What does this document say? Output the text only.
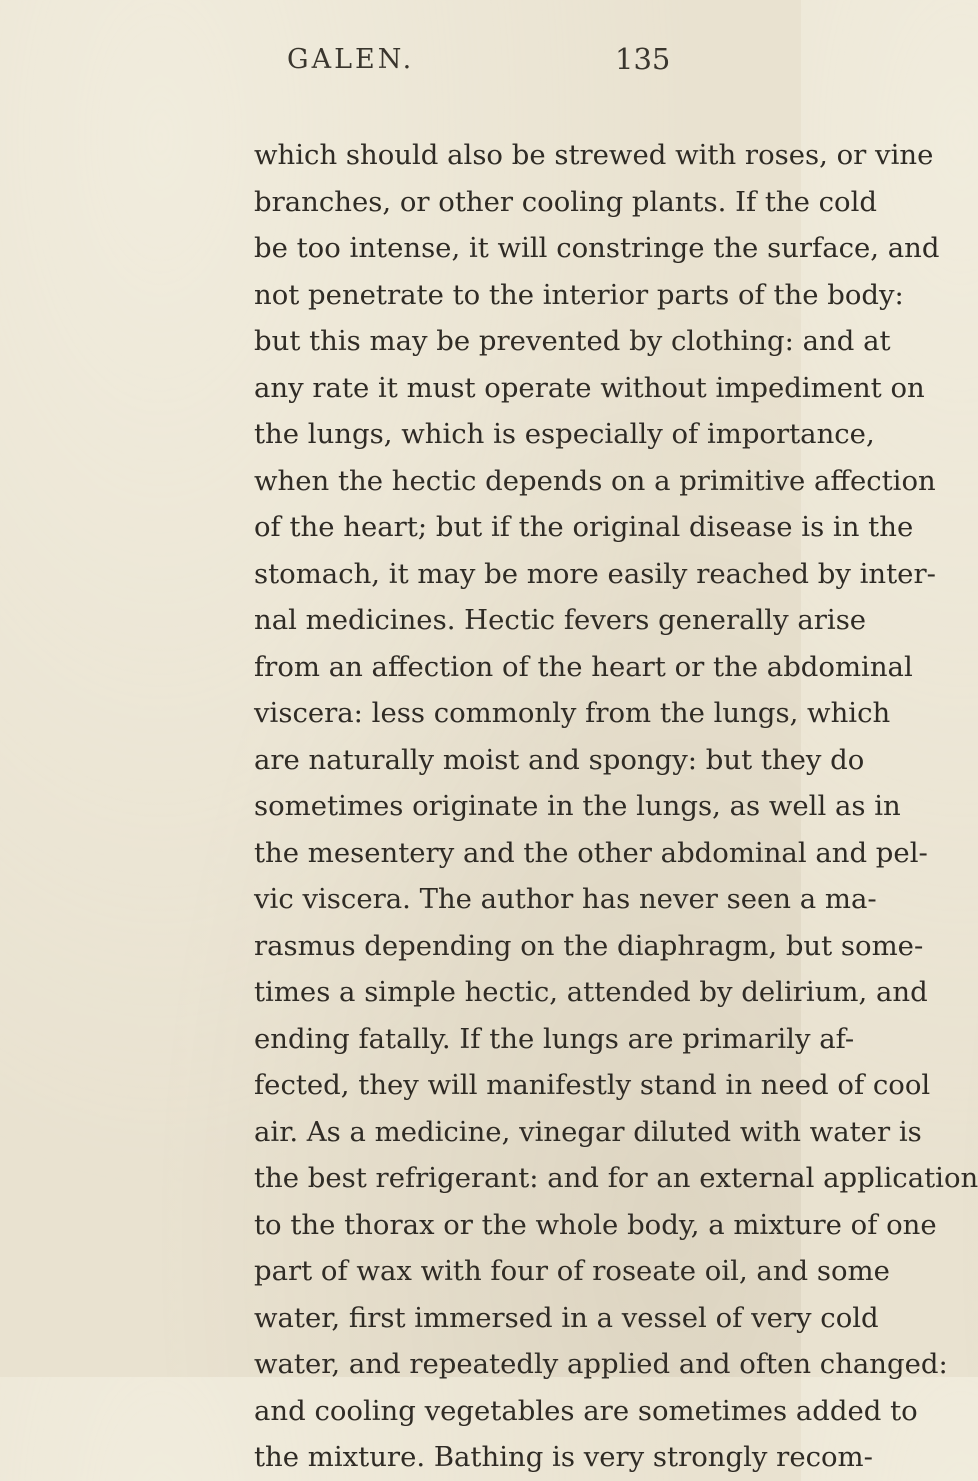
GALEN.	135
which should also be strewed with roses, or vine
branches, or other cooling plants. If the cold
be too intense, it will constringe the surface, and
not penetrate to the interior parts of the body:
but this may be prevented by clothing: and at
any rate it must operate without impediment on
the lungs, which is especially of importance,
when the hectic depends on a primitive affection
of the heart; but if the original disease is in the
stomach, it may be more easily reached by inter-
nal medicines. Hectic fevers generally arise
from an affection of the heart or the abdominal
viscera: less commonly from the lungs, which
are naturally moist and spongy: but they do
sometimes originate in the lungs, as well as in
the mesentery and the other abdominal and pel-
vic viscera. The author has never seen a ma-
rasmus depending on the diaphragm, but some-
times a simple hectic, attended by delirium, and
ending fatally. If the lungs are primarily af-
fected, they will manifestly stand in need of cool
air. As a medicine, vinegar diluted with water is
the best refrigerant: and for an external application
to the thorax or the whole body, a mixture of one
part of wax with four of roseate oil, and some
water, first immersed in a vessel of very cold
water, and repeatedly applied and often changed:
and cooling vegetables are sometimes added to
the mixture. Bathing is very strongly recom-
